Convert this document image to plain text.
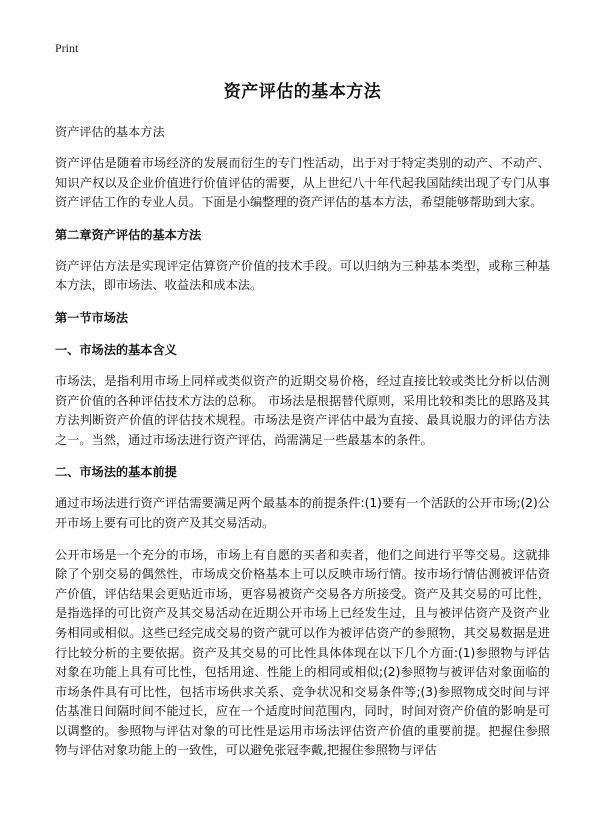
Print
资产评估的基本方法

资产评估的基本方法

资产评估是随着市场经济的发展而衍生的专门性活动，出于对于特定类别的动产、不动产、知识产权以及企业价值进行价值评估的需要，从上世纪八十年代起我国陆续出现了专门从事资产评估工作的专业人员。下面是小编整理的资产评估的基本方法，希望能够帮助到大家。

第二章资产评估的基本方法

资产评估方法是实现评定估算资产价值的技术手段。可以归纳为三种基本类型，或称三种基本方法，即市场法、收益法和成本法。

第一节市场法
一、市场法的基本含义

市场法，是指利用市场上同样或类似资产的近期交易价格，经过直接比较或类比分析以估测资产价值的各种评估技术方法的总称。 市场法是根据替代原则，采用比较和类比的思路及其方法判断资产价值的评估技术规程。市场法是资产评估中最为直接、最具说服力的评估方法之一。当然，通过市场法进行资产评估，尚需满足一些最基本的条件。

二、市场法的基本前提

通过市场法进行资产评估需要满足两个最基本的前提条件:(1)要有一个活跃的公开市场;(2)公开市场上要有可比的资产及其交易活动。

公开市场是一个充分的市场，市场上有自愿的买者和卖者，他们之间进行平等交易。这就排除了个别交易的偶然性，市场成交价格基本上可以反映市场行情。按市场行情估测被评估资产价值，评估结果会更贴近市场，更容易被资产交易各方所接受。资产及其交易的可比性，是指选择的可比资产及其交易活动在近期公开市场上已经发生过，且与被评估资产及资产业务相同或相似。这些已经完成交易的资产就可以作为被评估资产的参照物，其交易数据是进行比较分析的主要依据。资产及其交易的可比性具体体现在以下几个方面:(1)参照物与评估对象在功能上具有可比性，包括用途、性能上的相同或相似;(2)参照物与被评估对象面临的市场条件具有可比性，包括市场供求关系、竞争状况和交易条件等;(3)参照物成交时间与评估基准日间隔时间不能过长，应在一个适度时间范围内，同时，时间对资产价值的影响是可以调整的。参照物与评估对象的可比性是运用市场法评估资产价值的重要前提。把握住参照物与评估对象功能上的一致性，可以避免张冠李戴,把握住参照物与评估
